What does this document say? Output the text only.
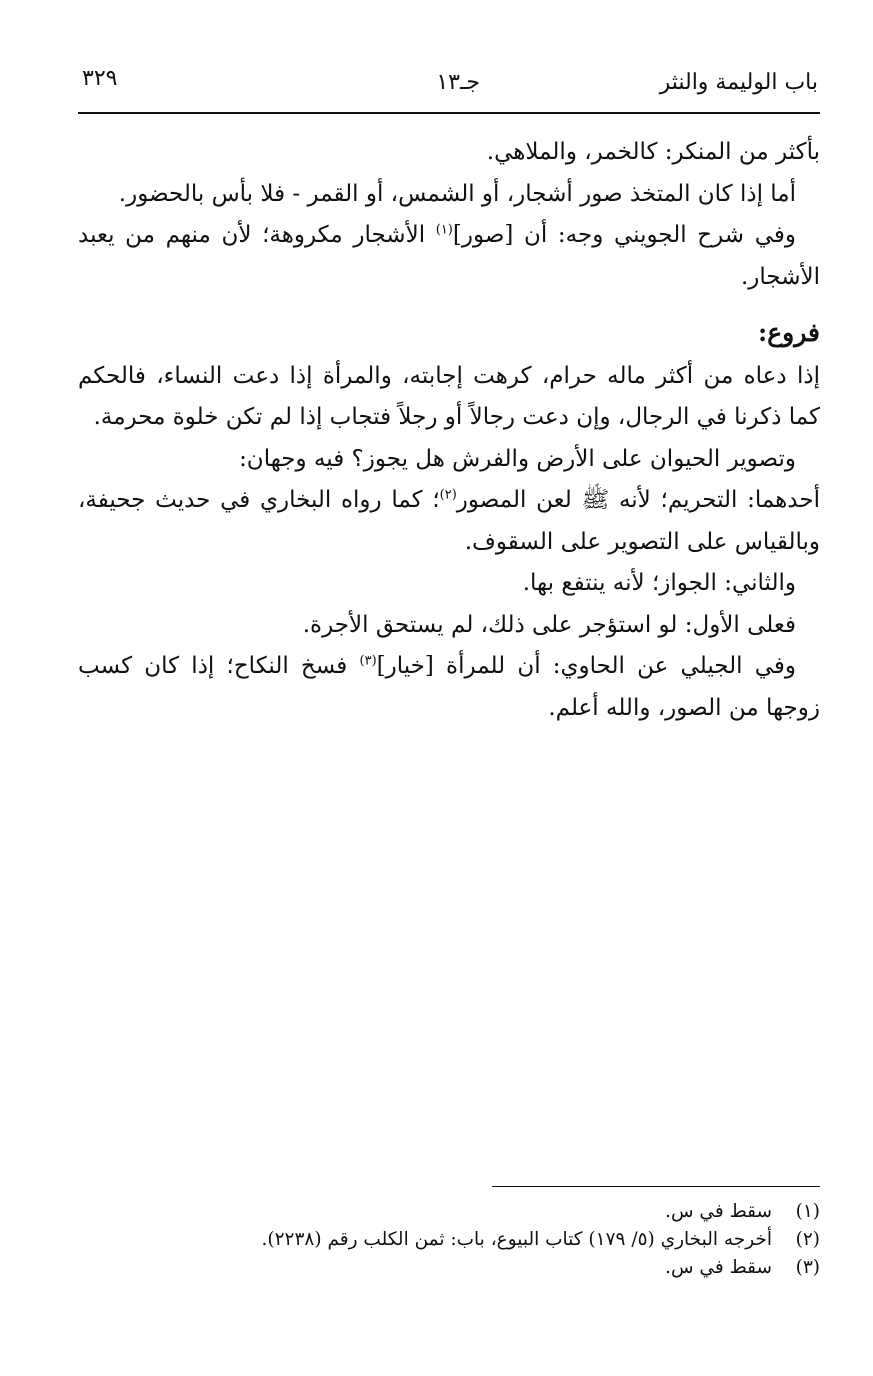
باب الوليمة والنثر
جـ١٣
٣٢٩

بأكثر من المنكر: كالخمر، والملاهي.

أما إذا كان المتخذ صور أشجار، أو الشمس، أو القمر - فلا بأس بالحضور.

وفي شرح الجويني وجه: أن [صور]$^{(١)}$ الأشجار مكروهة؛ لأن منهم من يعبد الأشجار.

فروع:

إذا دعاه من أكثر ماله حرام، كرهت إجابته، والمرأة إذا دعت النساء، فالحكم كما ذكرنا في الرجال، وإن دعت رجالاً أو رجلاً فتجاب إذا لم تكن خلوة محرمة.

وتصوير الحيوان على الأرض والفرش هل يجوز؟ فيه وجهان:

أحدهما: التحريم؛ لأنه ﷺ لعن المصور$^{(٢)}$؛ كما رواه البخاري في حديث جحيفة، وبالقياس على التصوير على السقوف.

والثاني: الجواز؛ لأنه ينتفع بها.

فعلى الأول: لو استؤجر على ذلك، لم يستحق الأجرة.

وفي الجيلي عن الحاوي: أن للمرأة [خيار]$^{(٣)}$ فسخ النكاح؛ إذا كان كسب زوجها من الصور، والله أعلم.

(١)
سقط في س.

(٢)
أخرجه البخاري (٥/ ١٧٩) كتاب البيوع، باب: ثمن الكلب رقم (٢٢٣٨).

(٣)
سقط في س.
